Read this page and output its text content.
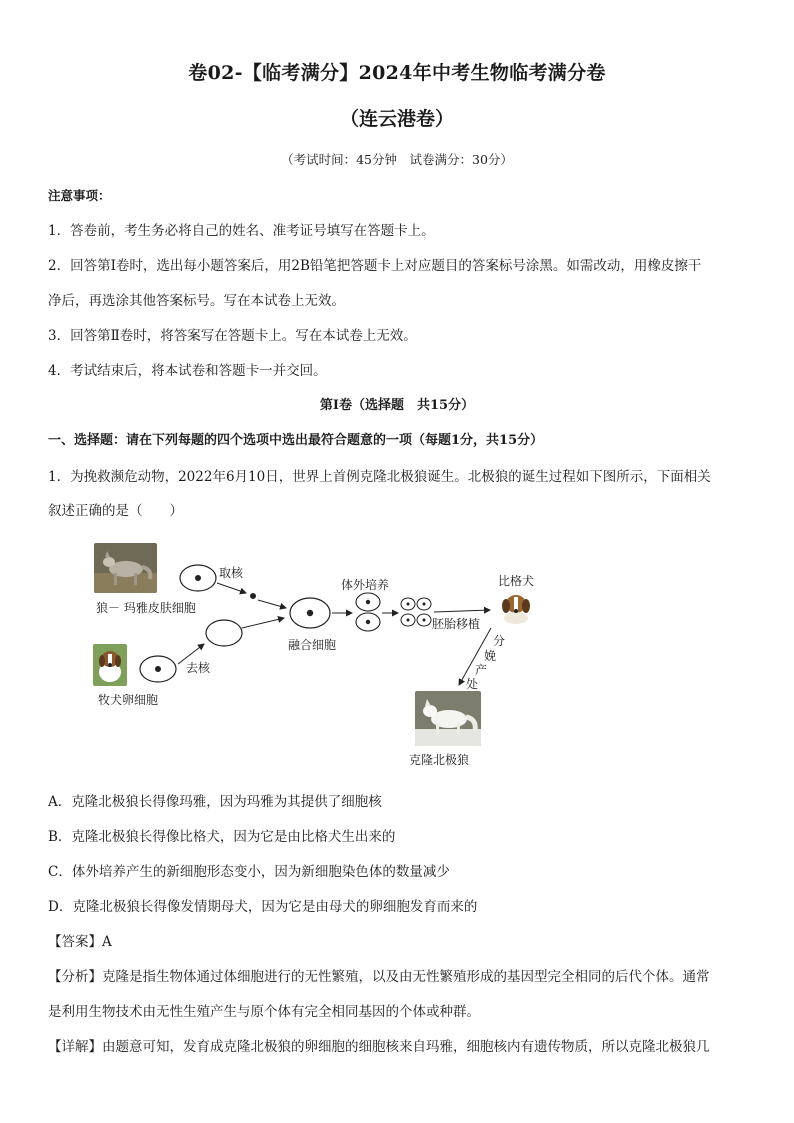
卷02-【临考满分】2024年中考生物临考满分卷
（连云港卷）
（考试时间：45分钟　试卷满分：30分）
注意事项：
1．答卷前，考生务必将自己的姓名、准考证号填写在答题卡上。
2．回答第Ⅰ卷时，选出每小题答案后，用2B铅笔把答题卡上对应题目的答案标号涂黑。如需改动，用橡皮擦干
净后，再选涂其他答案标号。写在本试卷上无效。
3．回答第Ⅱ卷时，将答案写在答题卡上。写在本试卷上无效。
4．考试结束后，将本试卷和答题卡一并交回。
第Ⅰ卷（选择题　共15分）
一、选择题：请在下列每题的四个选项中选出最符合题意的一项（每题1分，共15分）
1．为挽救濒危动物，2022年6月10日，世界上首例克隆北极狼诞生。北极狼的诞生过程如下图所示，下面相关
叙述正确的是（　　）
取核
狼－ 玛雅皮肤细胞
去核
牧犬卵细胞
融合细胞
体外培养
胚胎移植
比格犬
分
娩
产
处
克隆北极狼
A．克隆北极狼长得像玛雅，因为玛雅为其提供了细胞核
B．克隆北极狼长得像比格犬，因为它是由比格犬生出来的
C．体外培养产生的新细胞形态变小，因为新细胞染色体的数量减少
D．克隆北极狼长得像发情期母犬，因为它是由母犬的卵细胞发育而来的
【答案】A
【分析】克隆是指生物体通过体细胞进行的无性繁殖，以及由无性繁殖形成的基因型完全相同的后代个体。通常
是利用生物技术由无性生殖产生与原个体有完全相同基因的个体或种群。
【详解】由题意可知，发育成克隆北极狼的卵细胞的细胞核来自玛雅，细胞核内有遗传物质，所以克隆北极狼几
